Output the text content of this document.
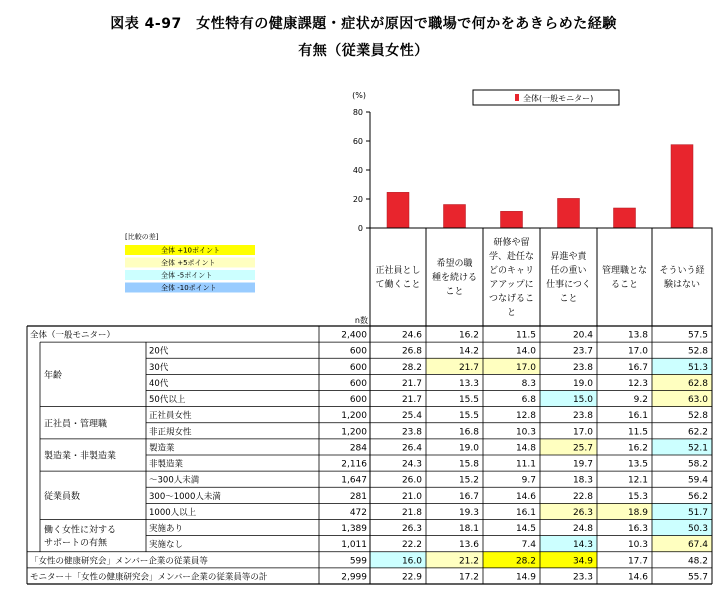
図表 4-97　女性特有の健康課題・症状が原因で職場で何かをあきらめた経験
有無（従業員女性）
(%)
0
20
40
60
80
全体(一般モニター)
[比較の差]
全体 +10ポイント
全体 +5ポイント
全体 -5ポイント
全体 -10ポイント
n数
正社員とし
て働くこと
希望の職
種を続ける
こと
研修や留
学、赴任な
どのキャリ
アアップに
つなげるこ
と
昇進や責
任の重い
仕事につく
こと
管理職とな
ること
そういう経
験はない
年齢
正社員・管理職
製造業・非製造業
従業員数
働く女性に対する
サポートの有無
全体（一般モニター）	2,400	24.6	16.2	11.5	20.4	13.8	57.5
20代	600	26.8	14.2	14.0	23.7	17.0	52.8
30代	600	28.2	21.7	17.0	23.8	16.7	51.3
40代	600	21.7	13.3	8.3	19.0	12.3	62.8
50代以上	600	21.7	15.5	6.8	15.0	9.2	63.0
正社員女性	1,200	25.4	15.5	12.8	23.8	16.1	52.8
非正規女性	1,200	23.8	16.8	10.3	17.0	11.5	62.2
製造業	284	26.4	19.0	14.8	25.7	16.2	52.1
非製造業	2,116	24.3	15.8	11.1	19.7	13.5	58.2
〜300人未満	1,647	26.0	15.2	9.7	18.3	12.1	59.4
300〜1000人未満	281	21.0	16.7	14.6	22.8	15.3	56.2
1000人以上	472	21.8	19.3	16.1	26.3	18.9	51.7
実施あり	1,389	26.3	18.1	14.5	24.8	16.3	50.3
実施なし	1,011	22.2	13.6	7.4	14.3	10.3	67.4
「女性の健康研究会」メンバー企業の従業員等	599	16.0	21.2	28.2	34.9	17.7	48.2
モニター＋「女性の健康研究会」メンバー企業の従業員等の計	2,999	22.9	17.2	14.9	23.3	14.6	55.7
